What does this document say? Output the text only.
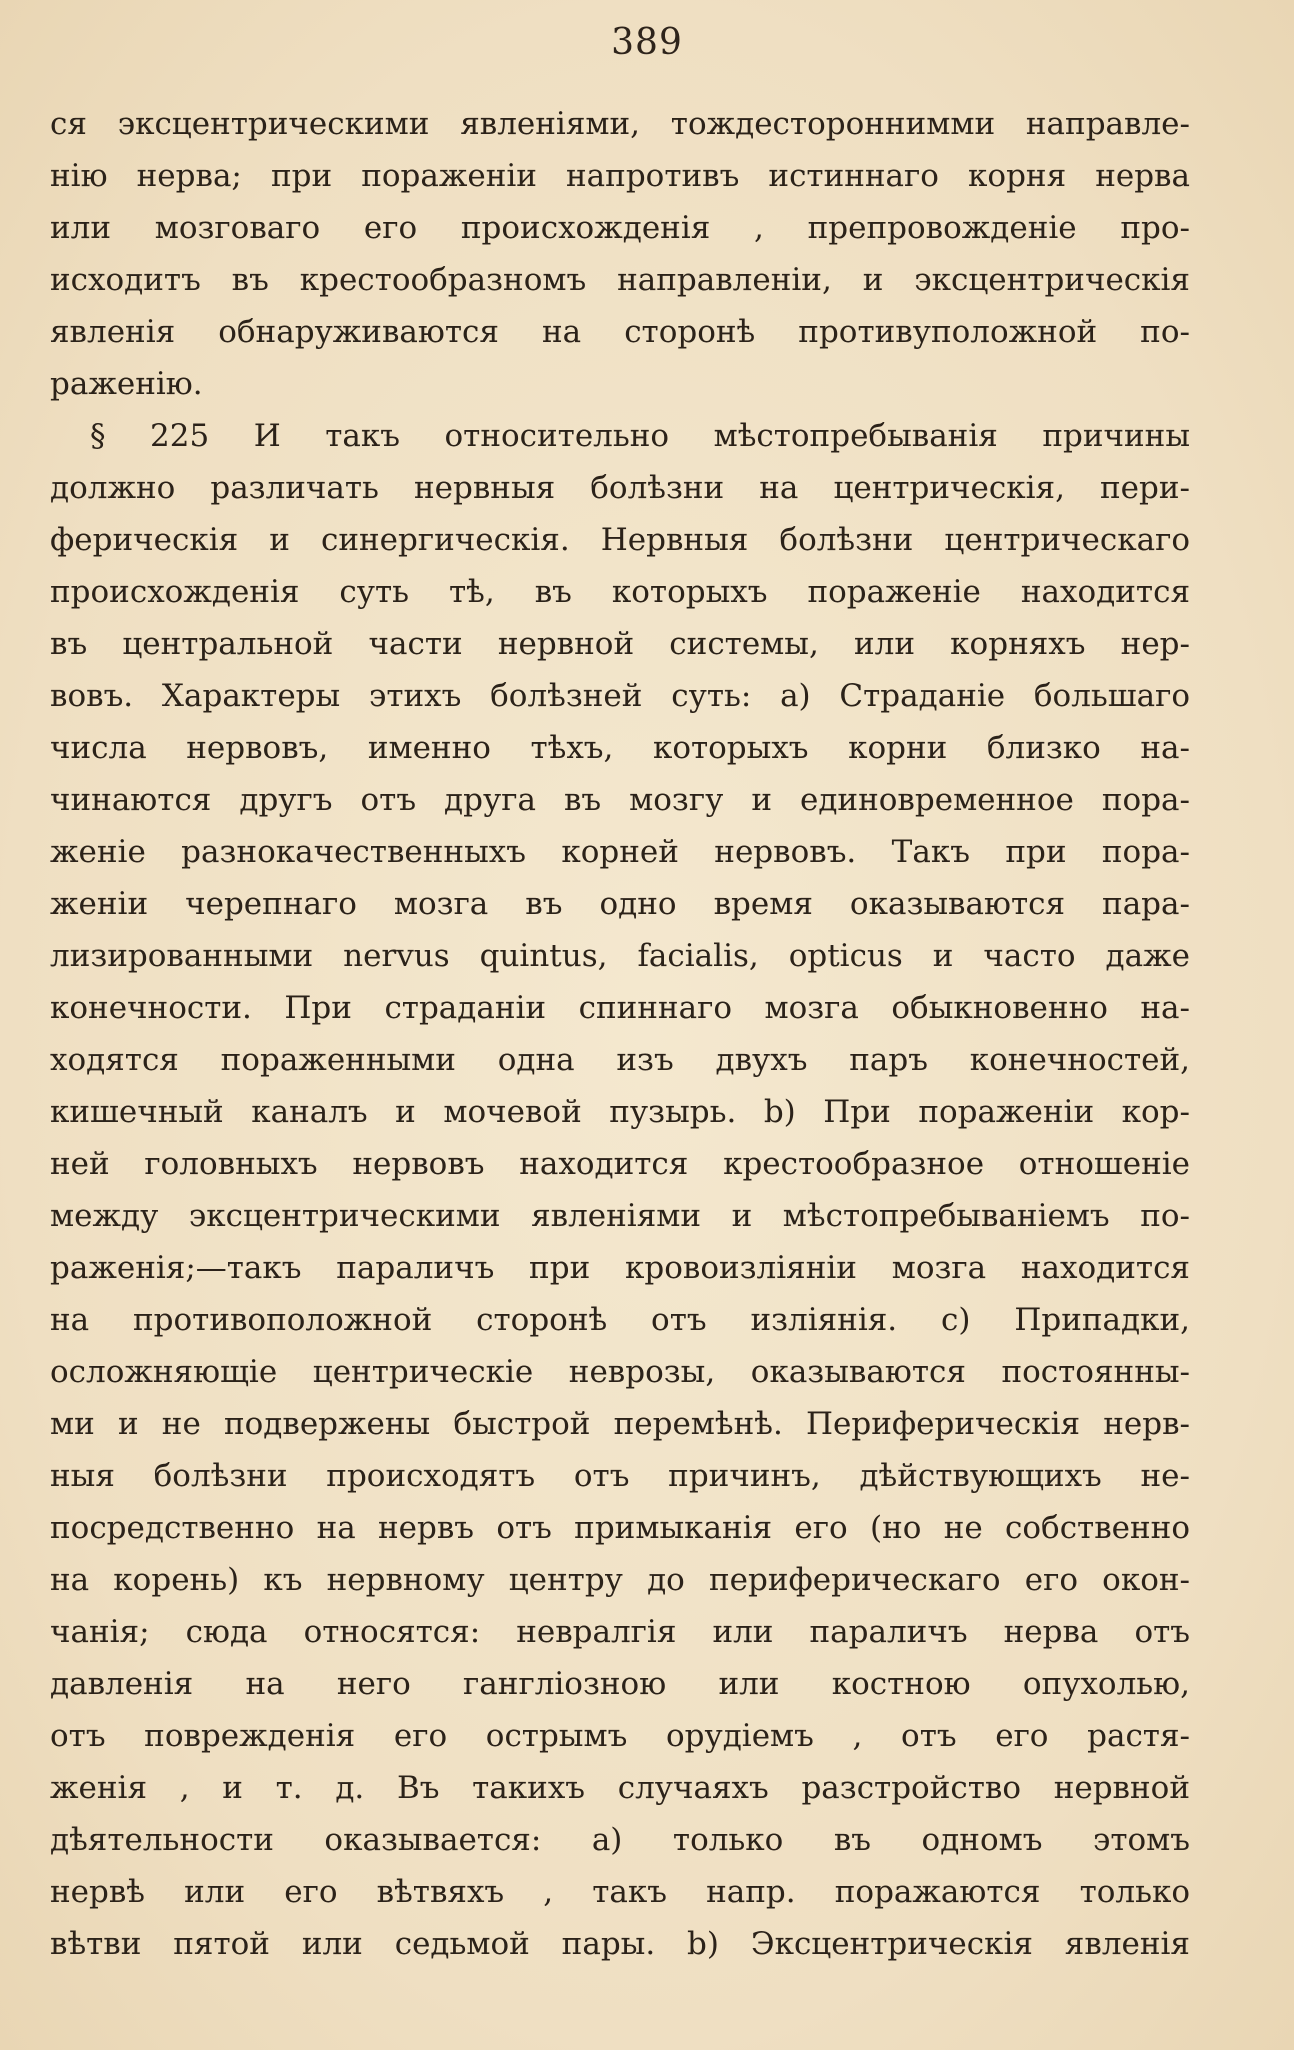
389
ся эксцентрическими явленіями, тождестороннимми направле-
нію нерва; при пораженіи напротивъ истиннаго корня нерва
или мозговаго его происхожденія , препровожденіе про-
исходитъ въ крестообразномъ направленіи, и эксцентрическія
явленія обнаруживаются на сторонѣ противуположной по-
раженію.
§ 225 И такъ относительно мѣстопребыванія причины
должно различать нервныя болѣзни на центрическія, пери-
ферическія и синергическія. Нервныя болѣзни центрическаго
происхожденія суть тѣ, въ которыхъ пораженіе находится
въ центральной части нервной системы, или корняхъ нер-
вовъ. Характеры этихъ болѣзней суть: a) Страданіе большаго
числа нервовъ, именно тѣхъ, которыхъ корни близко на-
чинаются другъ отъ друга въ мозгу и единовременное пора-
женіе разнокачественныхъ корней нервовъ. Такъ при пора-
женіи черепнаго мозга въ одно время оказываются пара-
лизированными nervus quintus, facialis, opticus и часто даже
конечности. При страданіи спиннаго мозга обыкновенно на-
ходятся пораженными одна изъ двухъ паръ конечностей,
кишечный каналъ и мочевой пузырь. b) При пораженіи кор-
ней головныхъ нервовъ находится крестообразное отношеніе
между эксцентрическими явленіями и мѣстопребываніемъ по-
раженія;—такъ параличъ при кровоизліяніи мозга находится
на противоположной сторонѣ отъ изліянія. c) Припадки,
осложняющіе центрическіе неврозы, оказываются постоянны-
ми и не подвержены быстрой перемѣнѣ. Периферическія нерв-
ныя болѣзни происходятъ отъ причинъ, дѣйствующихъ не-
посредственно на нервъ отъ примыканія его (но не собственно
на корень) къ нервному центру до периферическаго его окон-
чанія; сюда относятся: невралгія или параличъ нерва отъ
давленія на него ганглiозною или костною опухолью,
отъ поврежденія его острымъ орудіемъ , отъ его растя-
женія , и т. д. Въ такихъ случаяхъ разстройство нервной
дѣятельности оказывается: a) только въ одномъ этомъ
нервѣ или его вѣтвяхъ , такъ напр. поражаются только
вѣтви пятой или седьмой пары. b) Эксцентрическія явленія
